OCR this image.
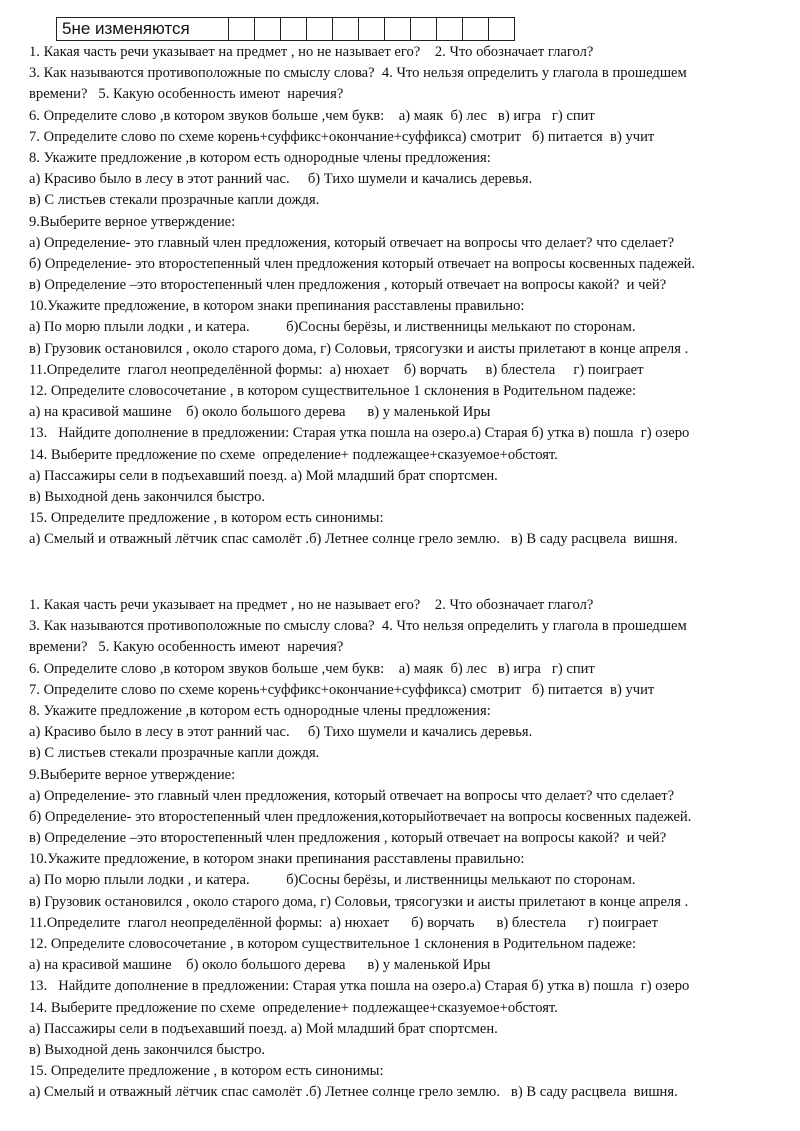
5не изменяются											
1. Какая часть речи указывает на предмет , но не называет его?    2. Что обозначает глагол?
3. Как называются противоположные по смыслу слова?  4. Что нельзя определить у глагола в прошедшем
времени?   5. Какую особенность имеют  наречия?
6. Определите слово ,в котором звуков больше ,чем букв:    а) маяк  б) лес   в) игра   г) спит
7. Определите слово по схеме корень+суффикс+окончание+суффикса) смотрит   б) питается  в) учит
8. Укажите предложение ,в котором есть однородные члены предложения:
а) Красиво было в лесу в этот ранний час.     б) Тихо шумели и качались деревья.
в) С листьев стекали прозрачные капли дождя.
9.Выберите верное утверждение:
а) Определение- это главный член предложения, который отвечает на вопросы что делает? что сделает?
б) Определение- это второстепенный член предложения который отвечает на вопросы косвенных падежей.
в) Определение –это второстепенный член предложения , который отвечает на вопросы какой?  и чей?
10.Укажите предложение, в котором знаки препинания расставлены правильно:
а) По морю плыли лодки , и катера.          б)Сосны берёзы, и лиственницы мелькают по сторонам.
в) Грузовик остановился , около старого дома, г) Соловьи, трясогузки и аисты прилетают в конце апреля .
11.Определите  глагол неопределённой формы:  а) нюхает    б) ворчать     в) блестела     г) поиграет
12. Определите словосочетание , в котором существительное 1 склонения в Родительном падеже:
а) на красивой машине    б) около большого дерева      в) у маленькой Иры
13.   Найдите дополнение в предложении: Старая утка пошла на озеро.а) Старая б) утка в) пошла  г) озеро
14. Выберите предложение по схеме  определение+ подлежащее+сказуемое+обстоят.
а) Пассажиры сели в подъехавший поезд. а) Мой младший брат спортсмен.
в) Выходной день закончился быстро.
15. Определите предложение , в котором есть синонимы:
а) Смелый и отважный лётчик спас самолёт .б) Летнее солнце грело землю.   в) В саду расцвела  вишня.
1. Какая часть речи указывает на предмет , но не называет его?    2. Что обозначает глагол?
3. Как называются противоположные по смыслу слова?  4. Что нельзя определить у глагола в прошедшем
времени?   5. Какую особенность имеют  наречия?
6. Определите слово ,в котором звуков больше ,чем букв:    а) маяк  б) лес   в) игра   г) спит
7. Определите слово по схеме корень+суффикс+окончание+суффикса) смотрит   б) питается  в) учит
8. Укажите предложение ,в котором есть однородные члены предложения:
а) Красиво было в лесу в этот ранний час.     б) Тихо шумели и качались деревья.
в) С листьев стекали прозрачные капли дождя.
9.Выберите верное утверждение:
а) Определение- это главный член предложения, который отвечает на вопросы что делает? что сделает?
б) Определение- это второстепенный член предложения,которыйотвечает на вопросы косвенных падежей.
в) Определение –это второстепенный член предложения , который отвечает на вопросы какой?  и чей?
10.Укажите предложение, в котором знаки препинания расставлены правильно:
а) По морю плыли лодки , и катера.          б)Сосны берёзы, и лиственницы мелькают по сторонам.
в) Грузовик остановился , около старого дома, г) Соловьи, трясогузки и аисты прилетают в конце апреля .
11.Определите  глагол неопределённой формы:  а) нюхает      б) ворчать      в) блестела      г) поиграет
12. Определите словосочетание , в котором существительное 1 склонения в Родительном падеже:
а) на красивой машине    б) около большого дерева      в) у маленькой Иры
13.   Найдите дополнение в предложении: Старая утка пошла на озеро.а) Старая б) утка в) пошла  г) озеро
14. Выберите предложение по схеме  определение+ подлежащее+сказуемое+обстоят.
а) Пассажиры сели в подъехавший поезд. а) Мой младший брат спортсмен.
в) Выходной день закончился быстро.
15. Определите предложение , в котором есть синонимы:
а) Смелый и отважный лётчик спас самолёт .б) Летнее солнце грело землю.   в) В саду расцвела  вишня.
